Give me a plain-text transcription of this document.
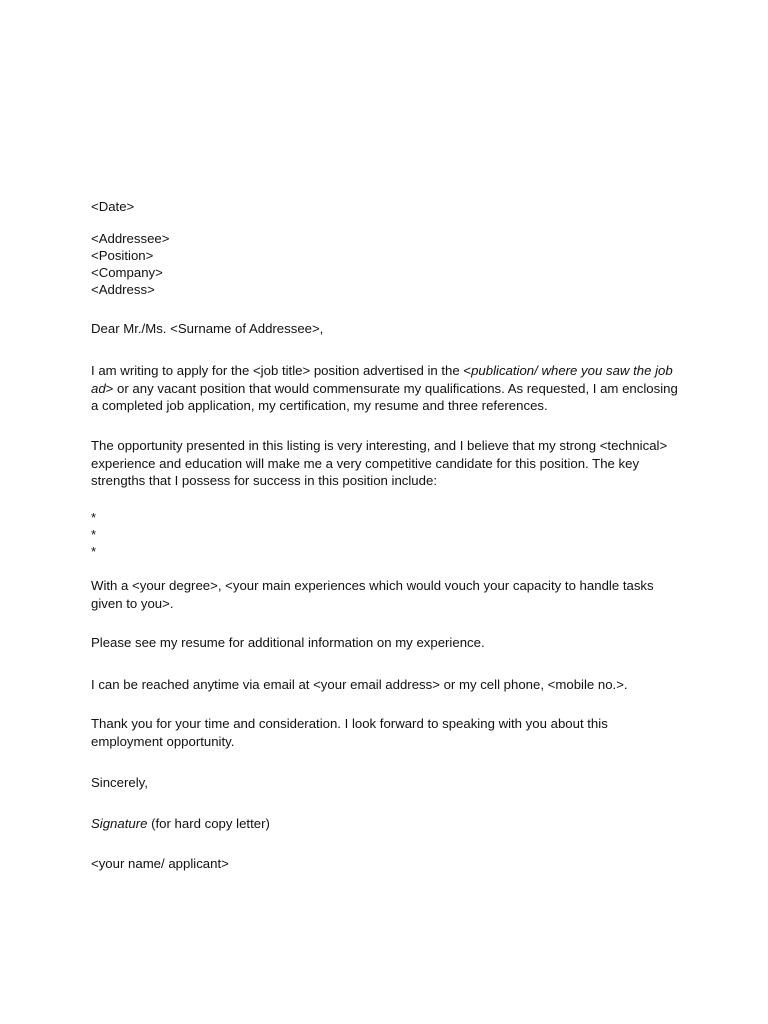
<Date>

<Addressee>

<Position>

<Company>

<Address>

Dear Mr./Ms. <Surname of Addressee>,

I am writing to apply for the <job title> position advertised in the <publication/ where you saw the job ad> or any vacant position that would commensurate my qualifications. As requested, I am enclosing a completed job application, my certification, my resume and three references.

The opportunity presented in this listing is very interesting, and I believe that my strong <technical> experience and education will make me a very competitive candidate for this position. The key strengths that I possess for success in this position include:

*

*

*

With a <your degree>, <your main experiences which would vouch your capacity to handle tasks given to you>.

Please see my resume for additional information on my experience.

I can be reached anytime via email at <your email address> or my cell phone, <mobile no.>.

Thank you for your time and consideration. I look forward to speaking with you about this employment opportunity.

Sincerely,

Signature (for hard copy letter)

<your name/ applicant>
